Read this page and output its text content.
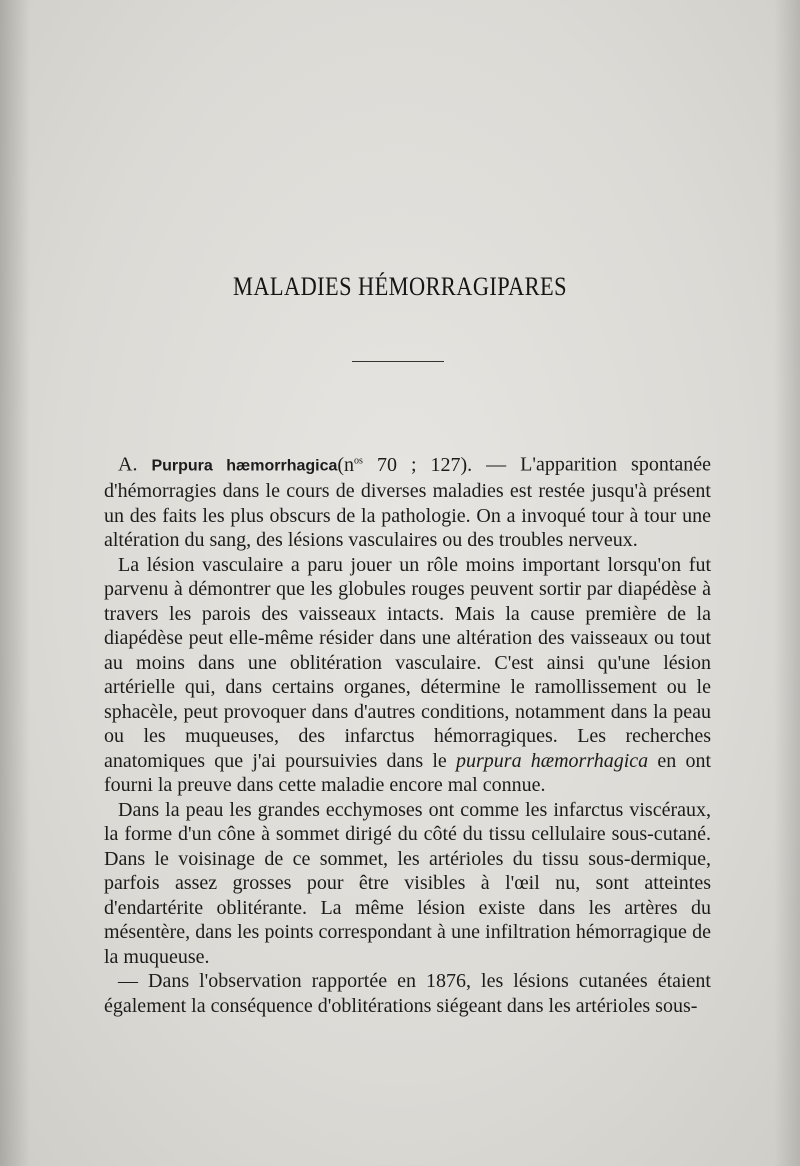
MALADIES HÉMORRAGIPARES

A. Purpura $hæmorrhagica(n^{os}$ 70 ; 127). — L'apparition spontanée d'hémorragies dans le cours de diverses maladies est restée jusqu'à présent un des faits les plus obscurs de la pathologie. On a invoqué tour à tour une altération du sang, des lésions vasculaires ou des troubles nerveux.

La lésion vasculaire a paru jouer un rôle moins important lorsqu'on fut parvenu à démontrer que les globules rouges peuvent sortir par diapédèse à travers les parois des vaisseaux intacts. Mais la cause première de la diapédèse peut elle-même résider dans une altération des vaisseaux ou tout au moins dans une oblitération vasculaire. C'est ainsi qu'une lésion artérielle qui, dans certains organes, détermine le ramollissement ou le sphacèle, peut provoquer dans d'autres conditions, notamment dans la peau ou les muqueuses, des infarctus hémorragiques. Les recherches anatomiques que j'ai poursuivies dans le purpura hæmorrhagica en ont fourni la preuve dans cette maladie encore mal connue.

Dans la peau les grandes ecchymoses ont comme les infarctus viscéraux, la forme d'un cône à sommet dirigé du côté du tissu cellulaire sous-cutané. Dans le voisinage de ce sommet, les artérioles du tissu sous-dermique, parfois assez grosses pour être visibles à l'œil nu, sont atteintes d'endartérite oblitérante. La même lésion existe dans les artères du mésentère, dans les points correspondant à une infiltration hémorragique de la muqueuse.

— Dans l'observation rapportée en 1876, les lésions cutanées étaient également la conséquence d'oblitérations siégeant dans les artérioles sous-
